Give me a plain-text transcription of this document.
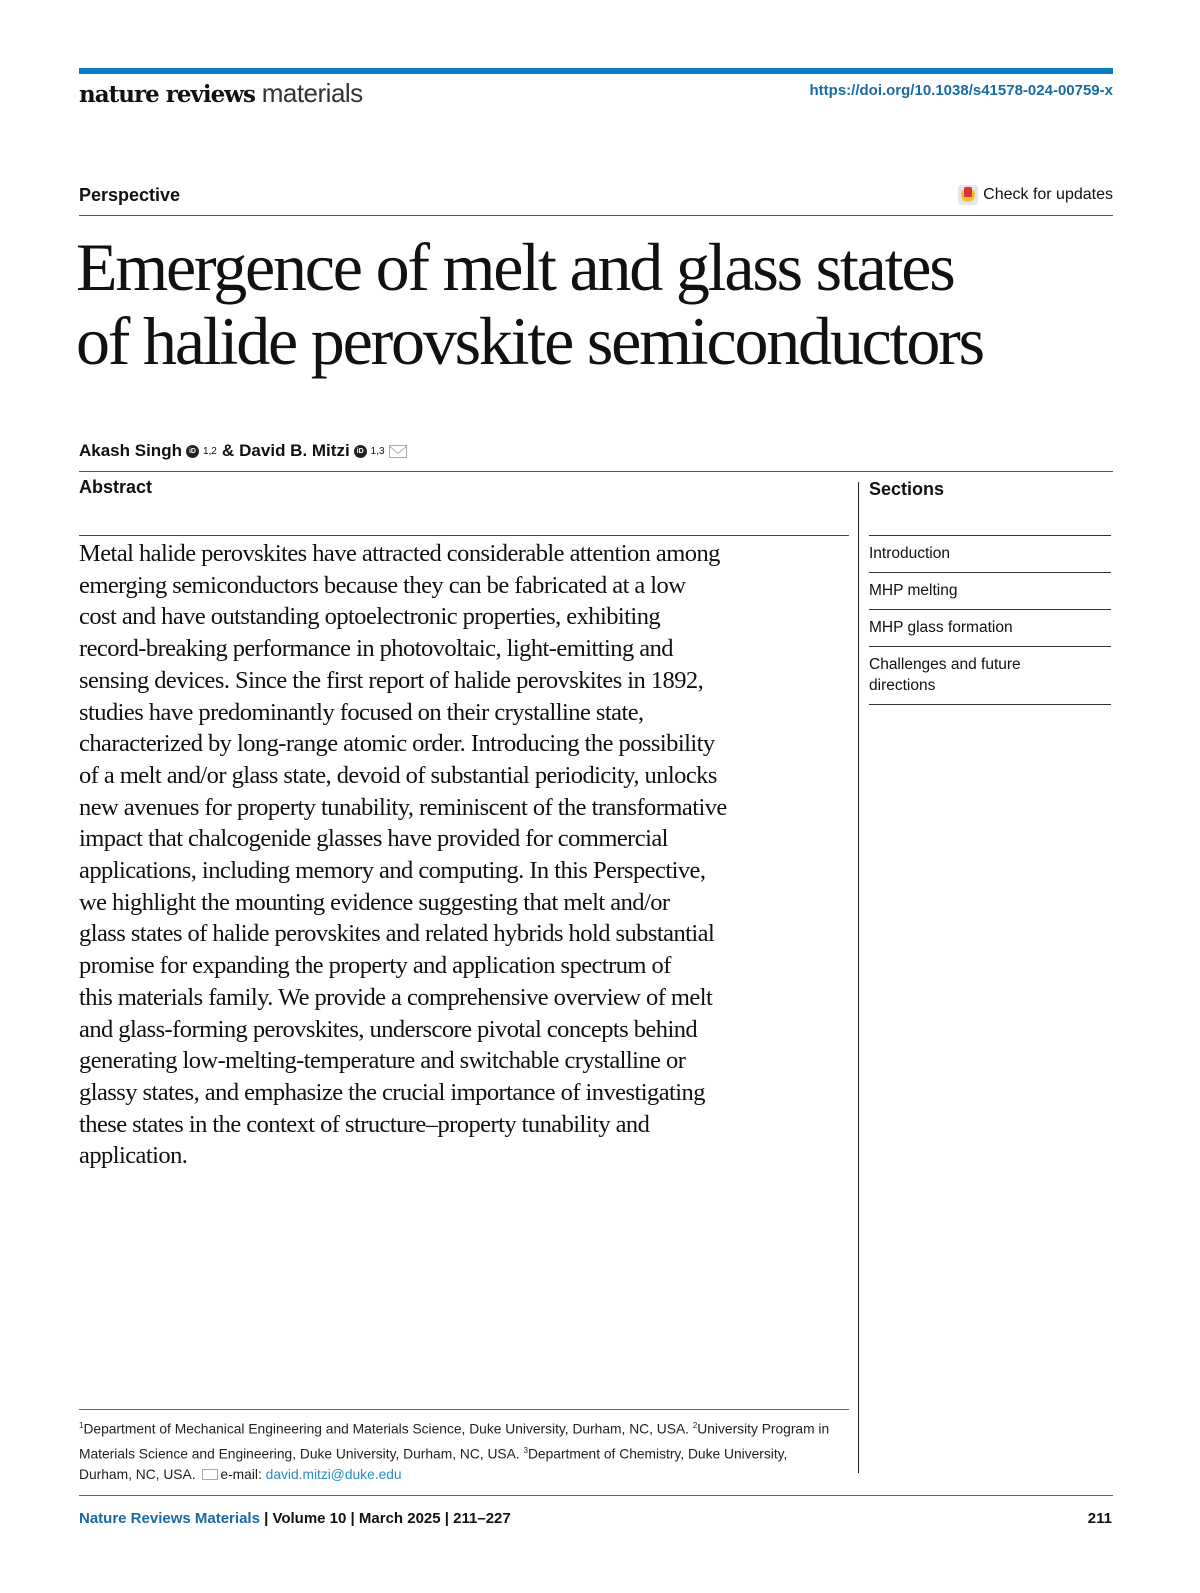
nature reviews materials	https://doi.org/10.1038/s41578-024-00759-x
Perspective	Check for updates
Emergence of melt and glass states
of halide perovskite semiconductors
Akash Singh	iD 1,2 & David B. Mitzi	iD 1,3
Abstract
Metal halide perovskites have attracted considerable attention among
emerging semiconductors because they can be fabricated at a low
cost and have outstanding optoelectronic properties, exhibiting
record-breaking performance in photovoltaic, light-emitting and
sensing devices. Since the first report of halide perovskites in 1892,
studies have predominantly focused on their crystalline state,
characterized by long-range atomic order. Introducing the possibility
of a melt and/or glass state, devoid of substantial periodicity, unlocks
new avenues for property tunability, reminiscent of the transformative
impact that chalcogenide glasses have provided for commercial
applications, including memory and computing. In this Perspective,
we highlight the mounting evidence suggesting that melt and/or
glass states of halide perovskites and related hybrids hold substantial
promise for expanding the property and application spectrum of
this materials family. We provide a comprehensive overview of melt
and glass-forming perovskites, underscore pivotal concepts behind
generating low-melting-temperature and switchable crystalline or
glassy states, and emphasize the crucial importance of investigating
these states in the context of structure–property tunability and
application.
Sections
Introduction
MHP melting
MHP glass formation
Challenges and future directions
$^1$Department of Mechanical Engineering and Materials Science, Duke University, Durham, NC, USA. $^2$University Program in Materials Science and Engineering, Duke University, Durham, NC, USA. $^3$Department of Chemistry, Duke University, Durham, NC, USA. e-mail: david.mitzi@duke.edu
Nature Reviews Materials | Volume 10 | March 2025 | 211–227	211
